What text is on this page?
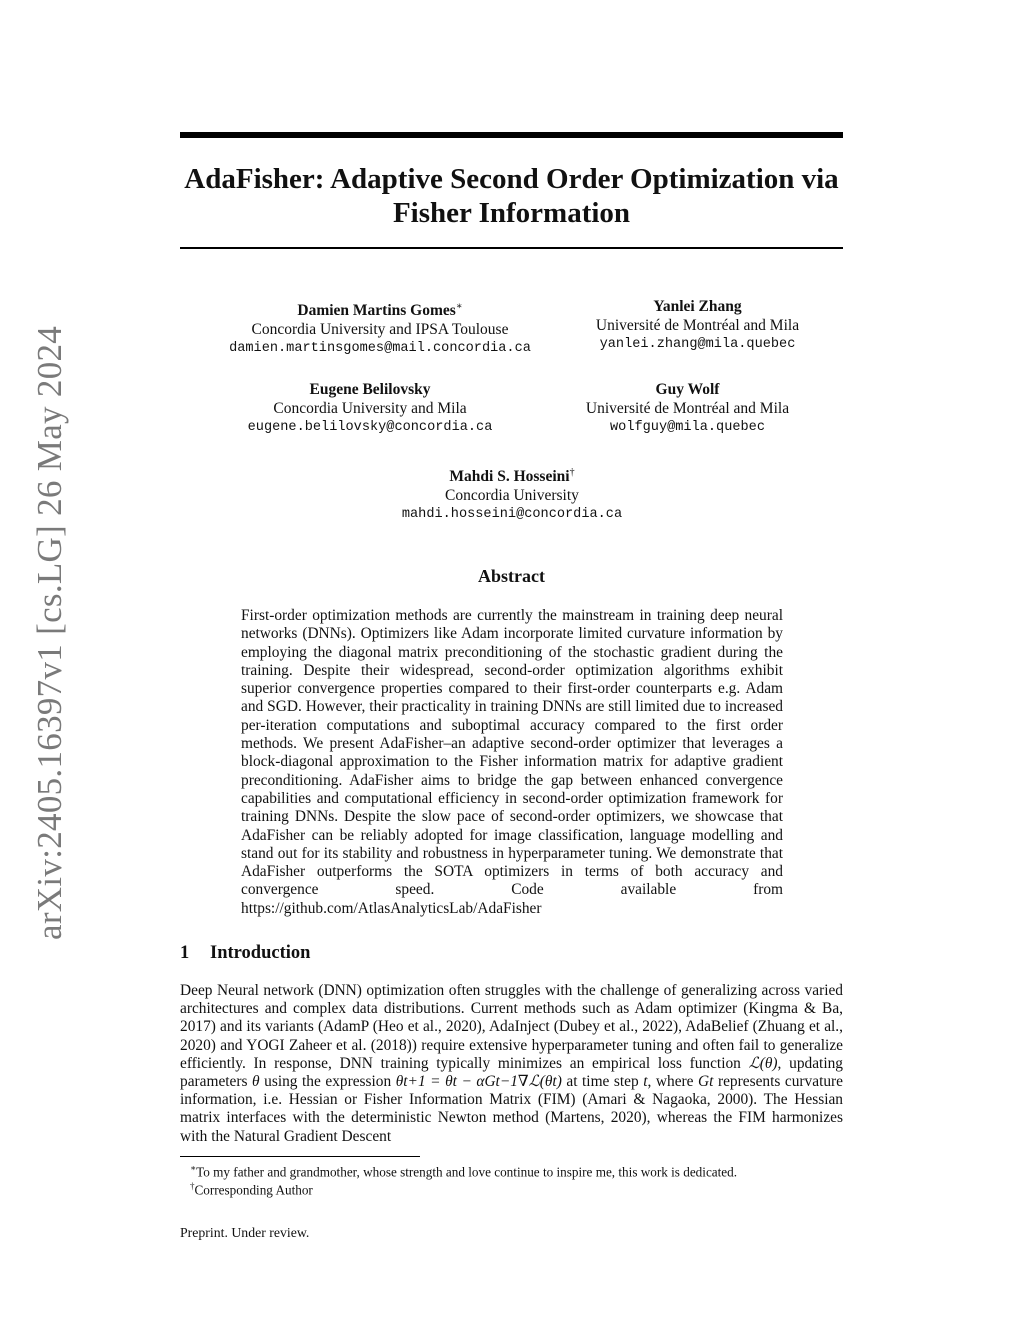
arXiv:2405.16397v1 [cs.LG] 26 May 2024
AdaFisher: Adaptive Second Order Optimization via
Fisher Information
Damien Martins Gomes∗
Concordia University and IPSA Toulouse
damien.martinsgomes@mail.concordia.ca
Yanlei Zhang
Université de Montréal and Mila
yanlei.zhang@mila.quebec
Eugene Belilovsky
Concordia University and Mila
eugene.belilovsky@concordia.ca
Guy Wolf
Université de Montréal and Mila
wolfguy@mila.quebec
Mahdi S. Hosseini†
Concordia University
mahdi.hosseini@concordia.ca
Abstract

First-order optimization methods are currently the mainstream in training deep neural networks (DNNs). Optimizers like Adam incorporate limited curvature information by employing the diagonal matrix preconditioning of the stochastic gradient during the training. Despite their widespread, second-order optimization algorithms exhibit superior convergence properties compared to their first-order counterparts e.g. Adam and SGD. However, their practicality in training DNNs are still limited due to increased per-iteration computations and suboptimal accuracy compared to the first order methods. We present AdaFisher–an adaptive second-order optimizer that leverages a block-diagonal approximation to the Fisher information matrix for adaptive gradient preconditioning. AdaFisher aims to bridge the gap between enhanced convergence capabilities and computational efficiency in second-order optimization framework for training DNNs. Despite the slow pace of second-order optimizers, we showcase that AdaFisher can be reliably adopted for image classification, language modelling and stand out for its stability and robustness in hyperparameter tuning. We demonstrate that AdaFisher outperforms the SOTA optimizers in terms of both accuracy and convergence speed. Code available from https://github.com/AtlasAnalyticsLab/AdaFisher

1 Introduction

Deep Neural network (DNN) optimization often struggles with the challenge of generalizing across varied architectures and complex data distributions. Current methods such as Adam optimizer (Kingma & Ba, 2017) and its variants (AdamP (Heo et al., 2020), AdaInject (Dubey et al., 2022), AdaBelief (Zhuang et al., 2020) and YOGI Zaheer et al. (2018)) require extensive hyperparameter tuning and often fail to generalize efficiently. In response, DNN training typically minimizes an empirical loss function ℒ(θ), updating parameters θ using the expression θt+1 = θt − αGt−1∇ℒ(θt) at time step t, where Gt represents curvature information, i.e. Hessian or Fisher Information Matrix (FIM) (Amari & Nagaoka, 2000). The Hessian matrix interfaces with the deterministic Newton method (Martens, 2020), whereas the FIM harmonizes with the Natural Gradient Descent

∗To my father and grandmother, whose strength and love continue to inspire me, this work is dedicated.

†Corresponding Author

Preprint. Under review.
